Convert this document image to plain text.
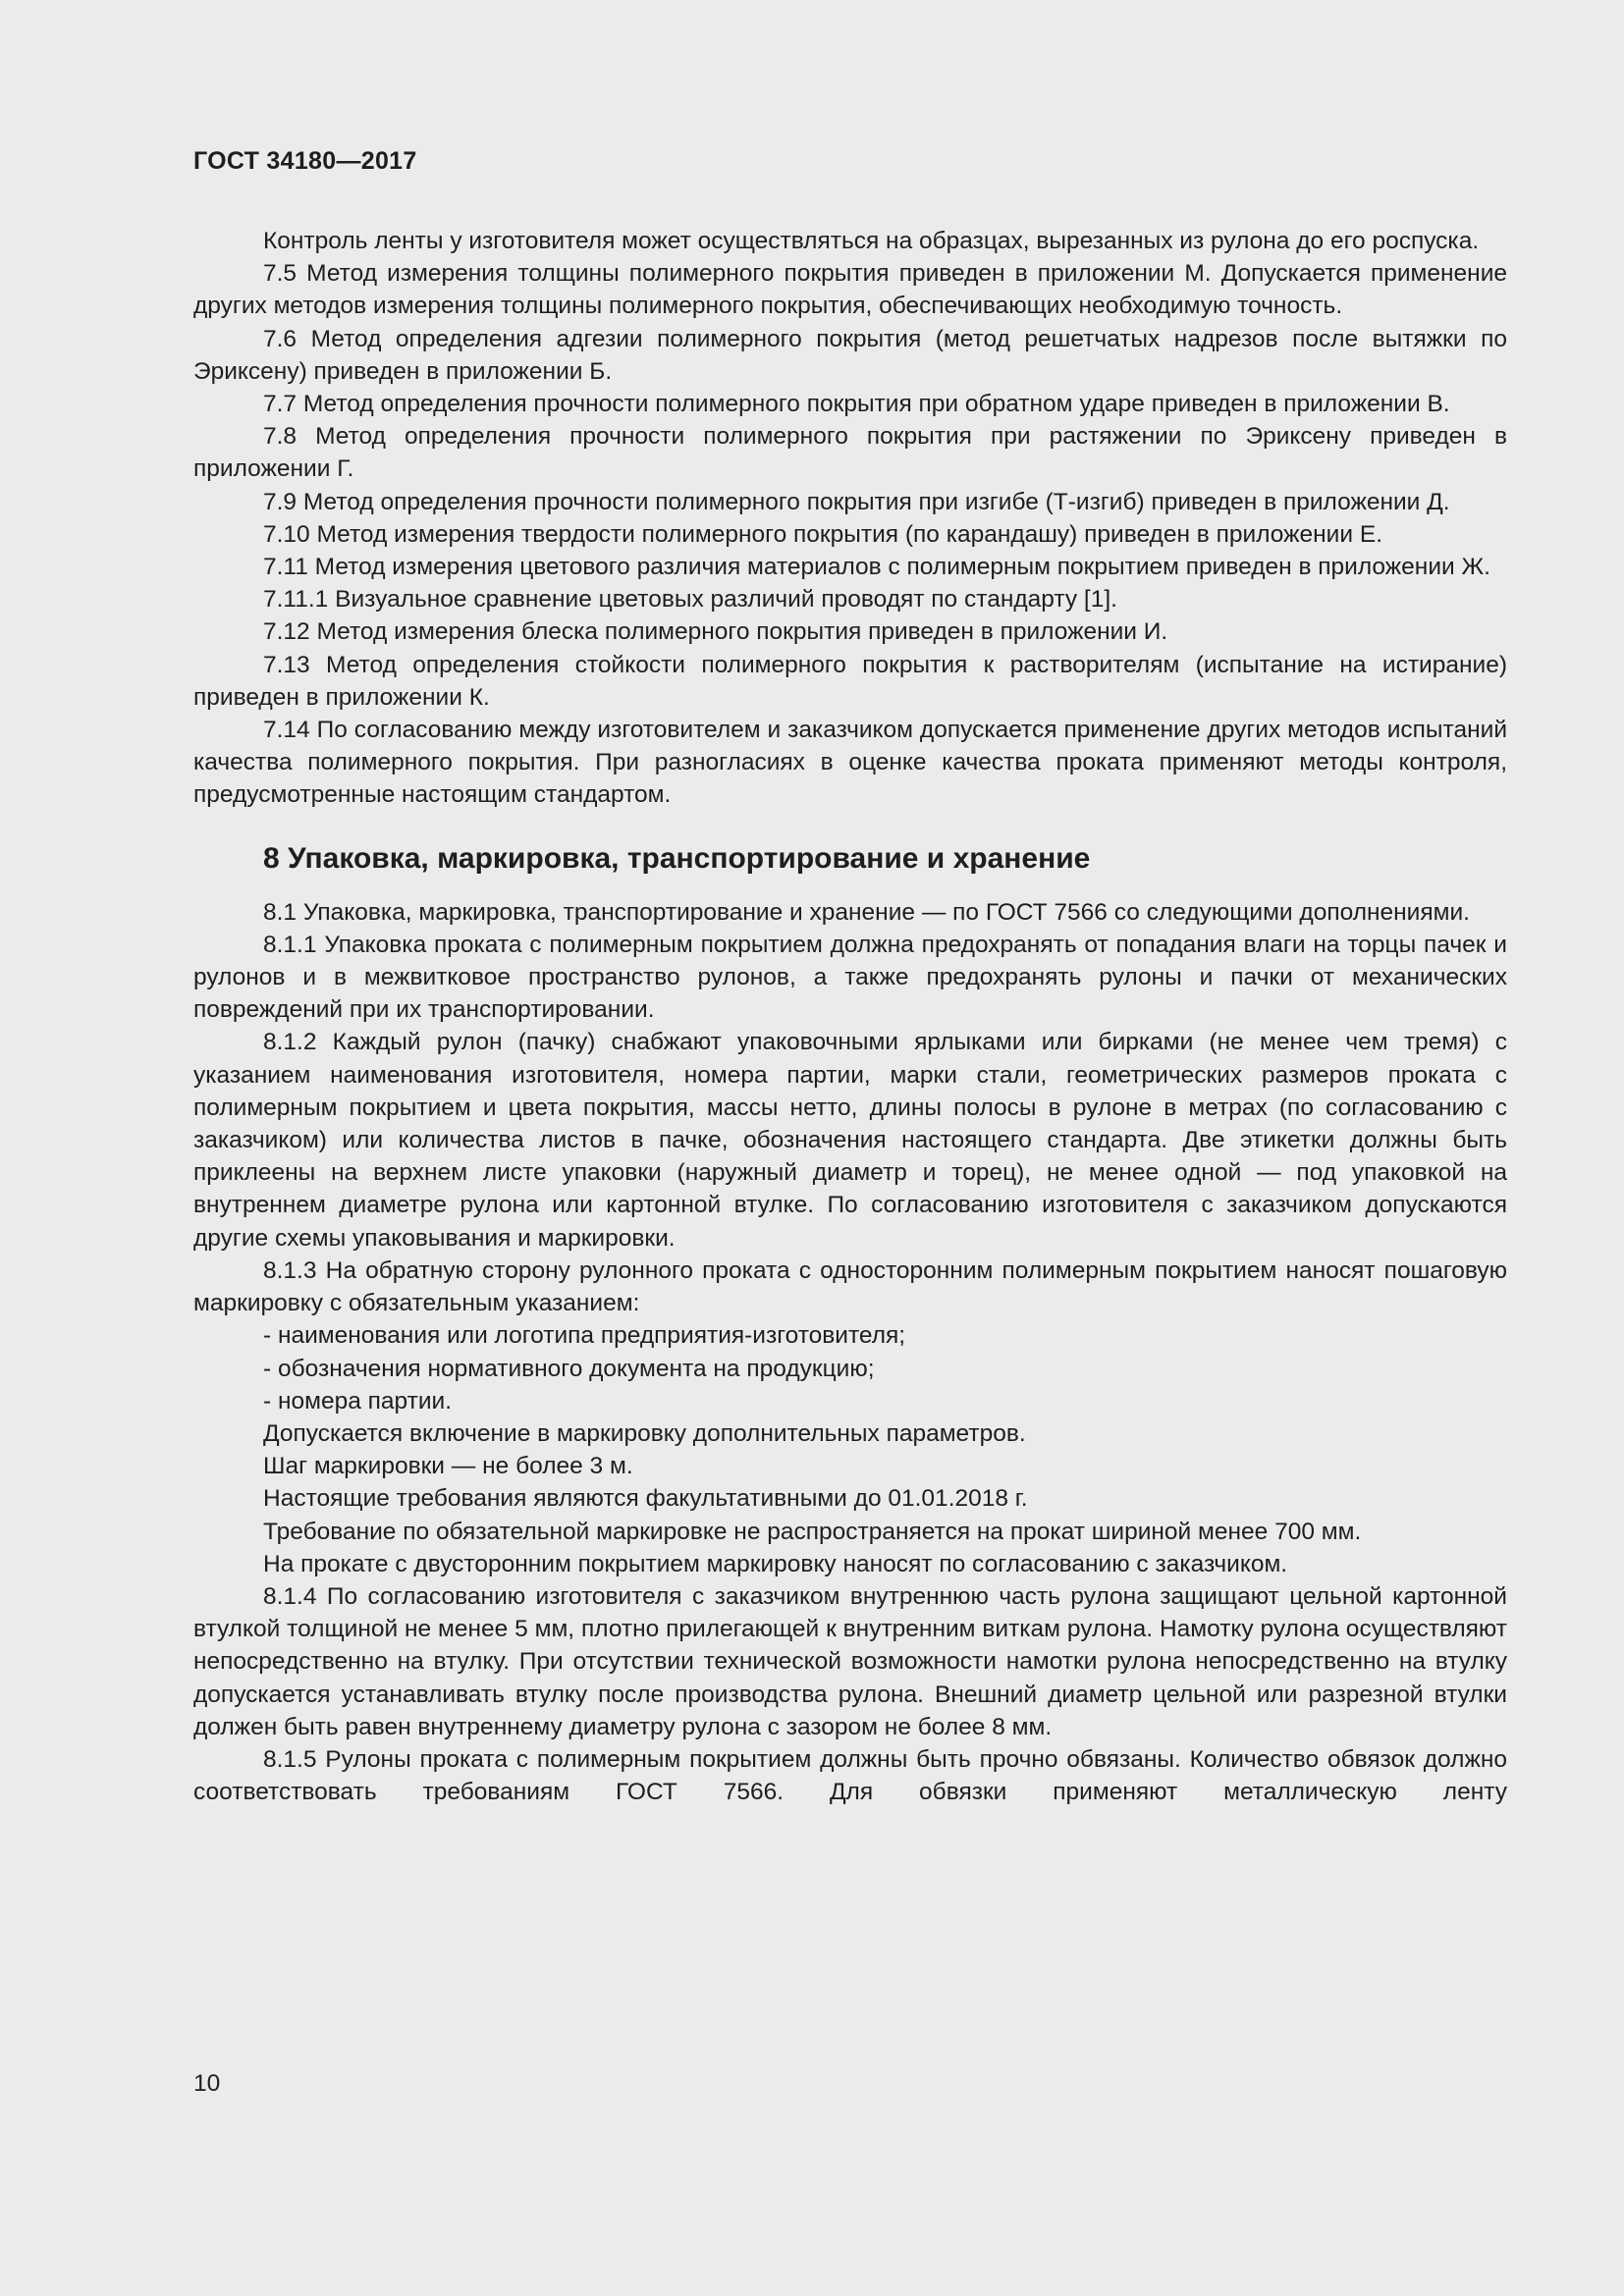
ГОСТ 34180—2017

Контроль ленты у изготовителя может осуществляться на образцах, вырезанных из рулона до его роспуска.

7.5 Метод измерения толщины полимерного покрытия приведен в приложении М. Допускается применение других методов измерения толщины полимерного покрытия, обеспечивающих необходимую точность.

7.6 Метод определения адгезии полимерного покрытия (метод решетчатых надрезов после вытяжки по Эриксену) приведен в приложении Б.

7.7 Метод определения прочности полимерного покрытия при обратном ударе приведен в приложении В.

7.8 Метод определения прочности полимерного покрытия при растяжении по Эриксену приведен в приложении Г.

7.9 Метод определения прочности полимерного покрытия при изгибе (Т-изгиб) приведен в приложении Д.

7.10 Метод измерения твердости полимерного покрытия (по карандашу) приведен в приложении Е.

7.11 Метод измерения цветового различия материалов с полимерным покрытием приведен в приложении Ж.

7.11.1 Визуальное сравнение цветовых различий проводят по стандарту [1].

7.12 Метод измерения блеска полимерного покрытия приведен в приложении И.

7.13 Метод определения стойкости полимерного покрытия к растворителям (испытание на истирание) приведен в приложении К.

7.14 По согласованию между изготовителем и заказчиком допускается применение других методов испытаний качества полимерного покрытия. При разногласиях в оценке качества проката применяют методы контроля, предусмотренные настоящим стандартом.

8 Упаковка, маркировка, транспортирование и хранение

8.1 Упаковка, маркировка, транспортирование и хранение — по ГОСТ 7566 со следующими дополнениями.

8.1.1 Упаковка проката с полимерным покрытием должна предохранять от попадания влаги на торцы пачек и рулонов и в межвитковое пространство рулонов, а также предохранять рулоны и пачки от механических повреждений при их транспортировании.

8.1.2 Каждый рулон (пачку) снабжают упаковочными ярлыками или бирками (не менее чем тремя) с указанием наименования изготовителя, номера партии, марки стали, геометрических размеров проката с полимерным покрытием и цвета покрытия, массы нетто, длины полосы в рулоне в метрах (по согласованию с заказчиком) или количества листов в пачке, обозначения настоящего стандарта. Две этикетки должны быть приклеены на верхнем листе упаковки (наружный диаметр и торец), не менее одной — под упаковкой на внутреннем диаметре рулона или картонной втулке. По согласованию изготовителя с заказчиком допускаются другие схемы упаковывания и маркировки.

8.1.3 На обратную сторону рулонного проката с односторонним полимерным покрытием наносят пошаговую маркировку с обязательным указанием:

- наименования или логотипа предприятия-изготовителя;

- обозначения нормативного документа на продукцию;

- номера партии.

Допускается включение в маркировку дополнительных параметров.

Шаг маркировки — не более 3 м.

Настоящие требования являются факультативными до 01.01.2018 г.

Требование по обязательной маркировке не распространяется на прокат шириной менее 700 мм.

На прокате с двусторонним покрытием маркировку наносят по согласованию с заказчиком.

8.1.4 По согласованию изготовителя с заказчиком внутреннюю часть рулона защищают цельной картонной втулкой толщиной не менее 5 мм, плотно прилегающей к внутренним виткам рулона. Намотку рулона осуществляют непосредственно на втулку. При отсутствии технической возможности намотки рулона непосредственно на втулку допускается устанавливать втулку после производства рулона. Внешний диаметр цельной или разрезной втулки должен быть равен внутреннему диаметру рулона с зазором не более 8 мм.

8.1.5 Рулоны проката с полимерным покрытием должны быть прочно обвязаны. Количество обвязок должно соответствовать требованиям ГОСТ 7566. Для обвязки применяют металлическую ленту

10
